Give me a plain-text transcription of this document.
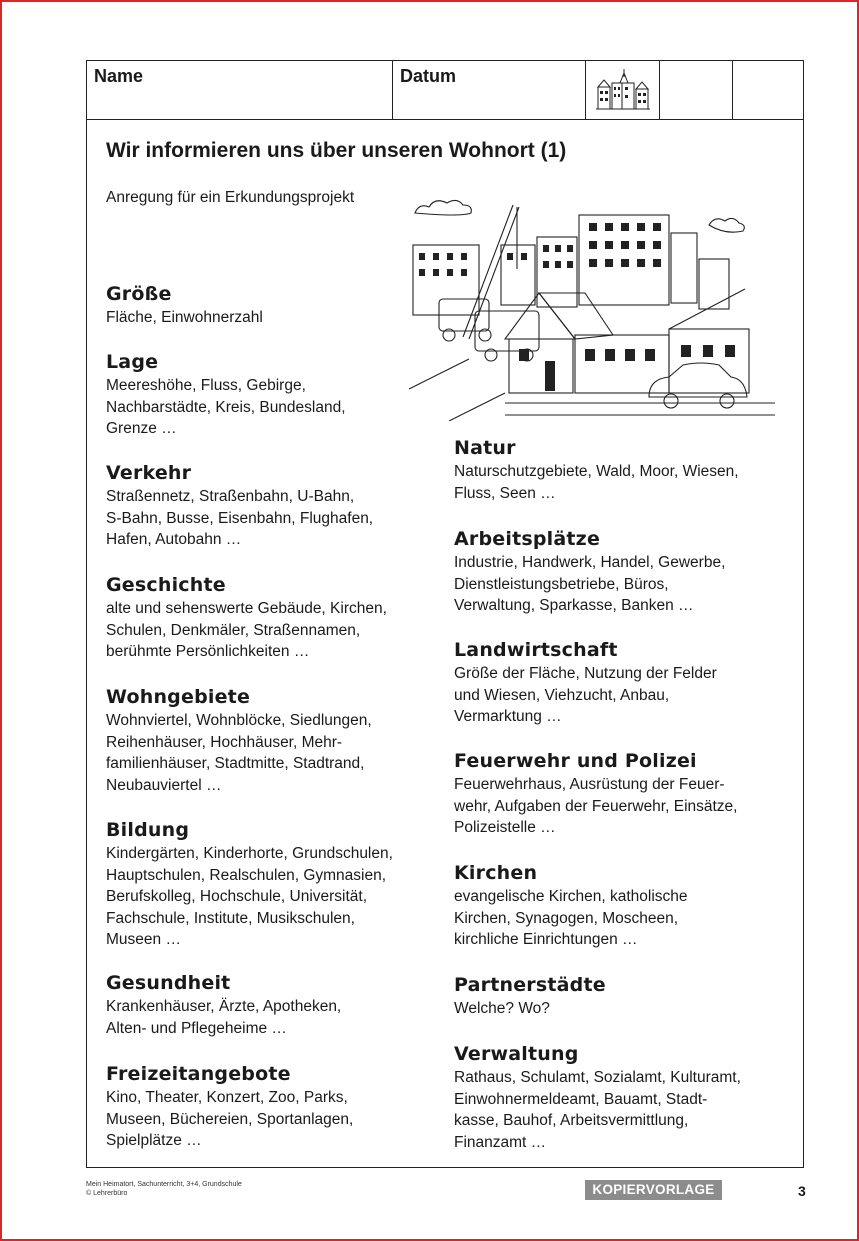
Name	Datum
Wir informieren uns über unseren Wohnort (1)
Anregung für ein Erkundungsprojekt
Größe

Fläche, Einwohnerzahl

Lage

Meereshöhe, Fluss, Gebirge,
Nachbarstädte, Kreis, Bundesland,
Grenze …

Verkehr

Straßennetz, Straßenbahn, U-Bahn,
S-Bahn, Busse, Eisenbahn, Flughafen,
Hafen, Autobahn …

Geschichte

alte und sehenswerte Gebäude, Kirchen,
Schulen, Denkmäler, Straßennamen,
berühmte Persönlichkeiten …

Wohngebiete

Wohnviertel, Wohnblöcke, Siedlungen,
Reihenhäuser, Hochhäuser, Mehr-
familienhäuser, Stadtmitte, Stadtrand,
Neubauviertel …

Bildung

Kindergärten, Kinderhorte, Grundschulen,
Hauptschulen, Realschulen, Gymnasien,
Berufskolleg, Hochschule, Universität,
Fachschule, Institute, Musikschulen,
Museen …

Gesundheit

Krankenhäuser, Ärzte, Apotheken,
Alten- und Pflegeheime …

Freizeitangebote

Kino, Theater, Konzert, Zoo, Parks,
Museen, Büchereien, Sportanlagen,
Spielplätze …

Natur

Naturschutzgebiete, Wald, Moor, Wiesen,
Fluss, Seen …

Arbeitsplätze

Industrie, Handwerk, Handel, Gewerbe,
Dienstleistungsbetriebe, Büros,
Verwaltung, Sparkasse, Banken …

Landwirtschaft

Größe der Fläche, Nutzung der Felder
und Wiesen, Viehzucht, Anbau,
Vermarktung …

Feuerwehr und Polizei

Feuerwehrhaus, Ausrüstung der Feuer-
wehr, Aufgaben der Feuerwehr, Einsätze,
Polizeistelle …

Kirchen

evangelische Kirchen, katholische
Kirchen, Synagogen, Moscheen,
kirchliche Einrichtungen …

Partnerstädte

Welche? Wo?

Verwaltung

Rathaus, Schulamt, Sozialamt, Kulturamt,
Einwohnermeldeamt, Bauamt, Stadt-
kasse, Bauhof, Arbeitsvermittlung,
Finanzamt …

Mein Heimatort, Sachunterricht, 3+4, Grundschule
© Lehrerbüro	KOPIERVORLAGE	3
